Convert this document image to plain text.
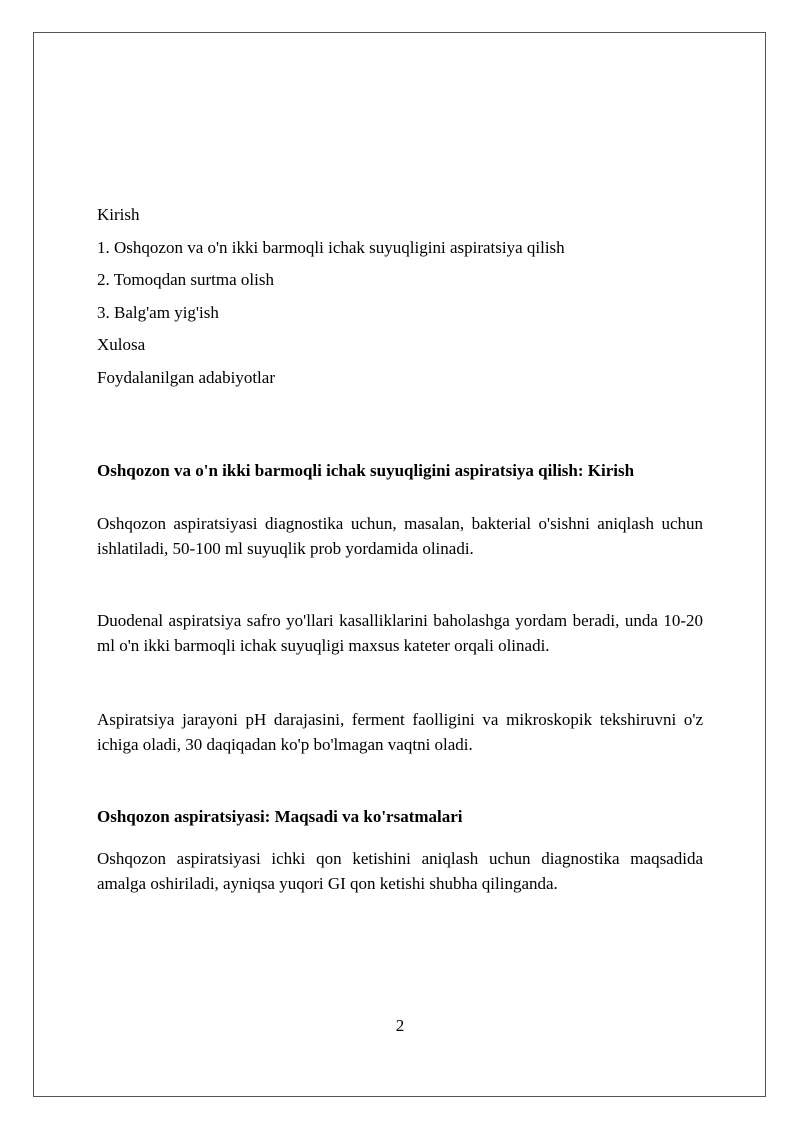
Kirish
1. Oshqozon va o'n ikki barmoqli ichak suyuqligini aspiratsiya qilish
2. Tomoqdan surtma olish
3. Balg'am yig'ish
Xulosa
Foydalanilgan adabiyotlar
Oshqozon va o'n ikki barmoqli ichak suyuqligini aspiratsiya qilish: Kirish
Oshqozon aspiratsiyasi diagnostika uchun, masalan, bakterial o'sishni aniqlash uchun ishlatiladi, 50-100 ml suyuqlik prob yordamida olinadi.
Duodenal aspiratsiya safro yo'llari kasalliklarini baholashga yordam beradi, unda 10-20 ml o'n ikki barmoqli ichak suyuqligi maxsus kateter orqali olinadi.
Aspiratsiya jarayoni pH darajasini, ferment faolligini va mikroskopik tekshiruvni o'z ichiga oladi, 30 daqiqadan ko'p bo'lmagan vaqtni oladi.
Oshqozon aspiratsiyasi: Maqsadi va ko'rsatmalari
Oshqozon aspiratsiyasi ichki qon ketishini aniqlash uchun diagnostika maqsadida amalga oshiriladi, ayniqsa yuqori GI qon ketishi shubha qilinganda.
2
